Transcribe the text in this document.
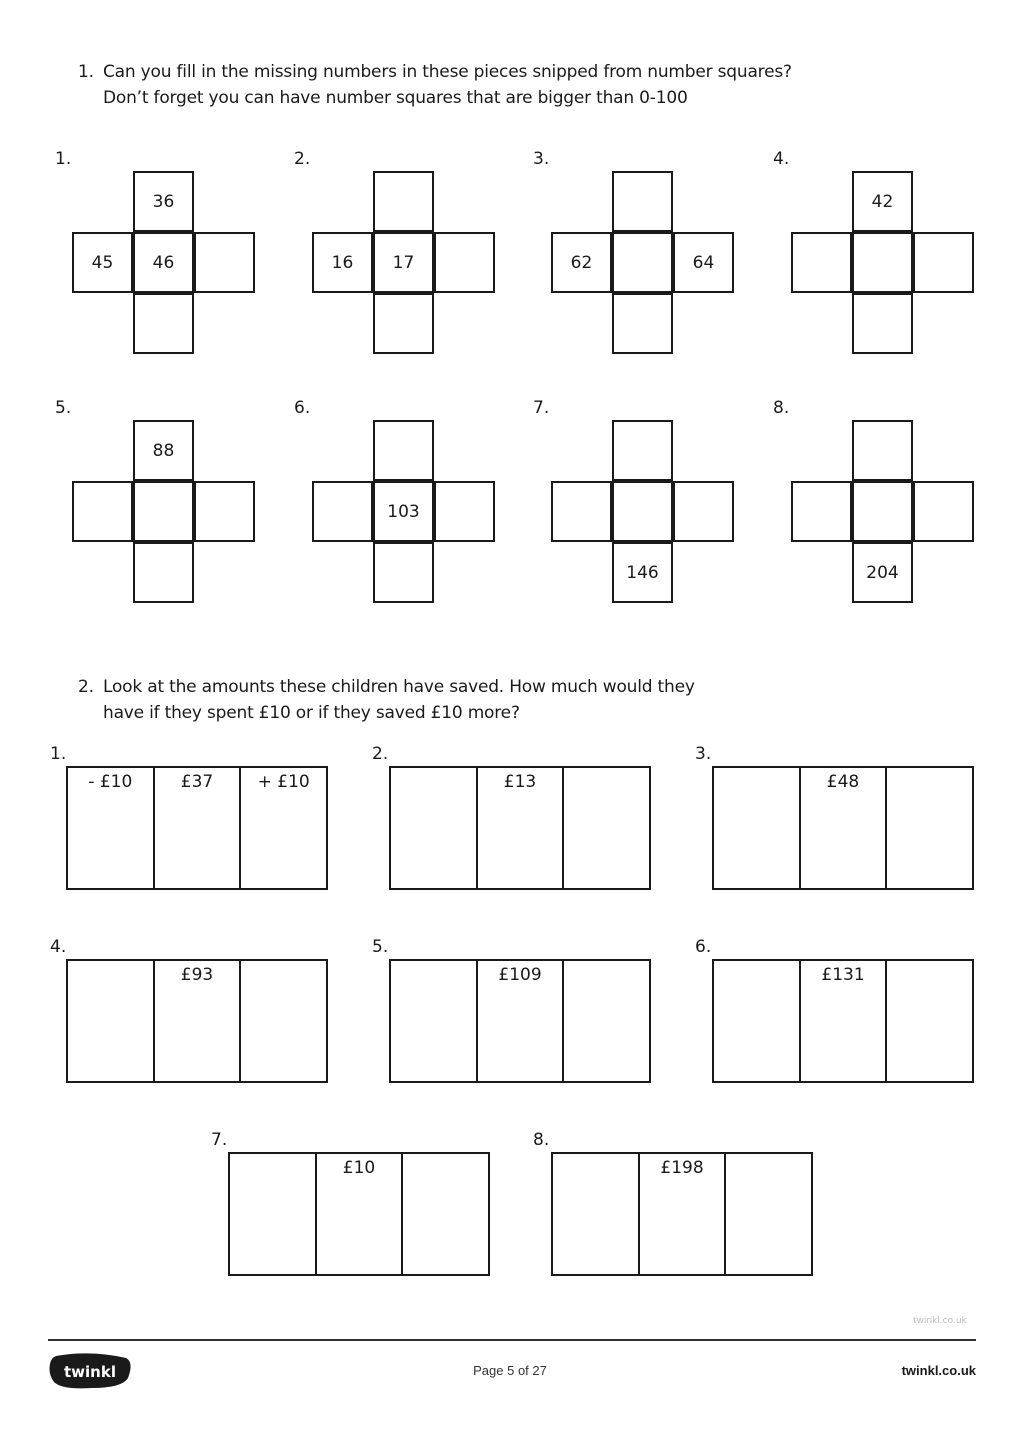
1. Can you fill in the missing numbers in these pieces snipped from number squares?
Don’t forget you can have number squares that are bigger than 0-100
1.
36
45	46
2.
16	17
3.
62	64
4.
42
5.
88
6.
103
7.
146
8.
204
2. Look at the amounts these children have saved. How much would they
have if they spent £10 or if they saved £10 more?
1.
- £10	£37	+ £10
2.
£13
3.
£48
4.
£93
5.
£109
6.
£131
7.
£10
8.
£198
twinkl.co.uk
twinkl	Page 5 of 27	twinkl.co.uk
